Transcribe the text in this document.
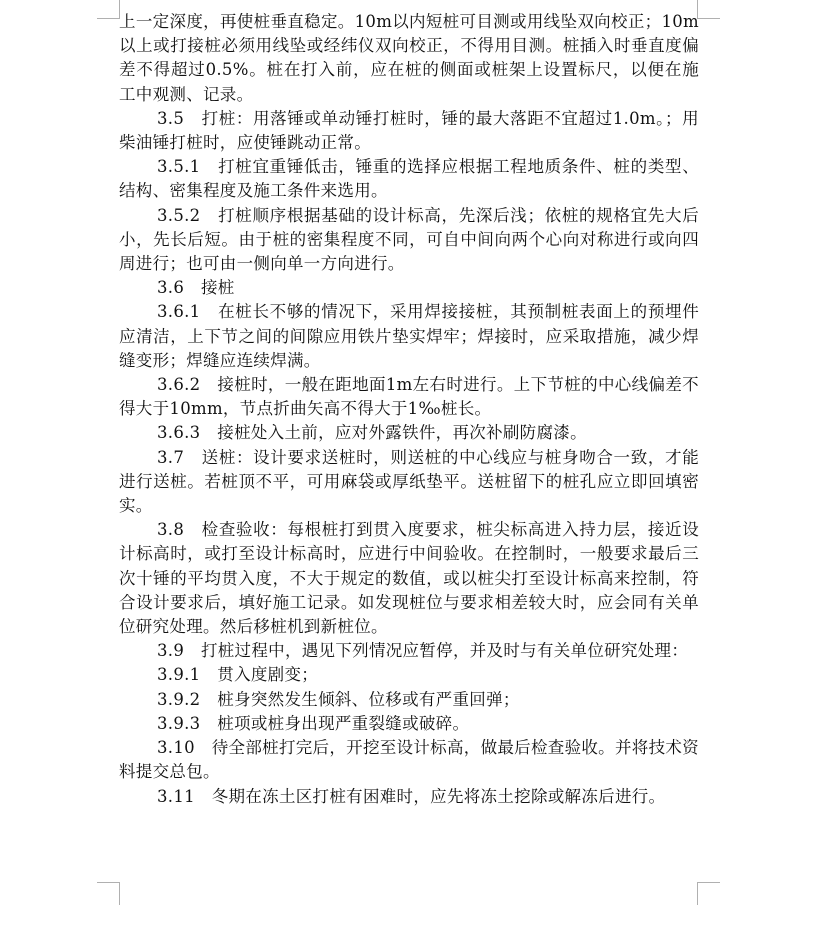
上一定深度，再使桩垂直稳定。10m以内短桩可目测或用线坠双向校正；10m以上或打接桩必须用线坠或经纬仪双向校正，不得用目测。桩插入时垂直度偏差不得超过0.5%。桩在打入前，应在桩的侧面或桩架上设置标尺，以便在施工中观测、记录。

3.5　打桩：用落锤或单动锤打桩时，锤的最大落距不宜超过1.0m。；用柴油锤打桩时，应使锤跳动正常。

3.5.1　打桩宜重锤低击，锤重的选择应根据工程地质条件、桩的类型、结构、密集程度及施工条件来选用。

3.5.2　打桩顺序根据基础的设计标高，先深后浅；依桩的规格宜先大后小，先长后短。由于桩的密集程度不同，可自中间向两个心向对称进行或向四周进行；也可由一侧向单一方向进行。

3.6　接桩

3.6.1　在桩长不够的情况下，采用焊接接桩，其预制桩表面上的预埋件应清洁，上下节之间的间隙应用铁片垫实焊牢；焊接时，应采取措施，减少焊缝变形；焊缝应连续焊满。

3.6.2　接桩时，一般在距地面1m左右时进行。上下节桩的中心线偏差不得大于10mm，节点折曲矢高不得大于1‰桩长。

3.6.3　接桩处入土前，应对外露铁件，再次补刷防腐漆。

3.7　送桩：设计要求送桩时，则送桩的中心线应与桩身吻合一致，才能进行送桩。若桩顶不平，可用麻袋或厚纸垫平。送桩留下的桩孔应立即回填密实。

3.8　检查验收：每根桩打到贯入度要求，桩尖标高进入持力层，接近设计标高时，或打至设计标高时，应进行中间验收。在控制时，一般要求最后三次十锤的平均贯入度，不大于规定的数值，或以桩尖打至设计标高来控制，符合设计要求后，填好施工记录。如发现桩位与要求相差较大时，应会同有关单位研究处理。然后移桩机到新桩位。

3.9　打桩过程中，遇见下列情况应暂停，并及时与有关单位研究处理：

3.9.1　贯入度剧变；

3.9.2　桩身突然发生倾斜、位移或有严重回弹；

3.9.3　桩项或桩身出现严重裂缝或破碎。

3.10　待全部桩打完后，开挖至设计标高，做最后检查验收。并将技术资料提交总包。

3.11　冬期在冻土区打桩有困难时，应先将冻土挖除或解冻后进行。
